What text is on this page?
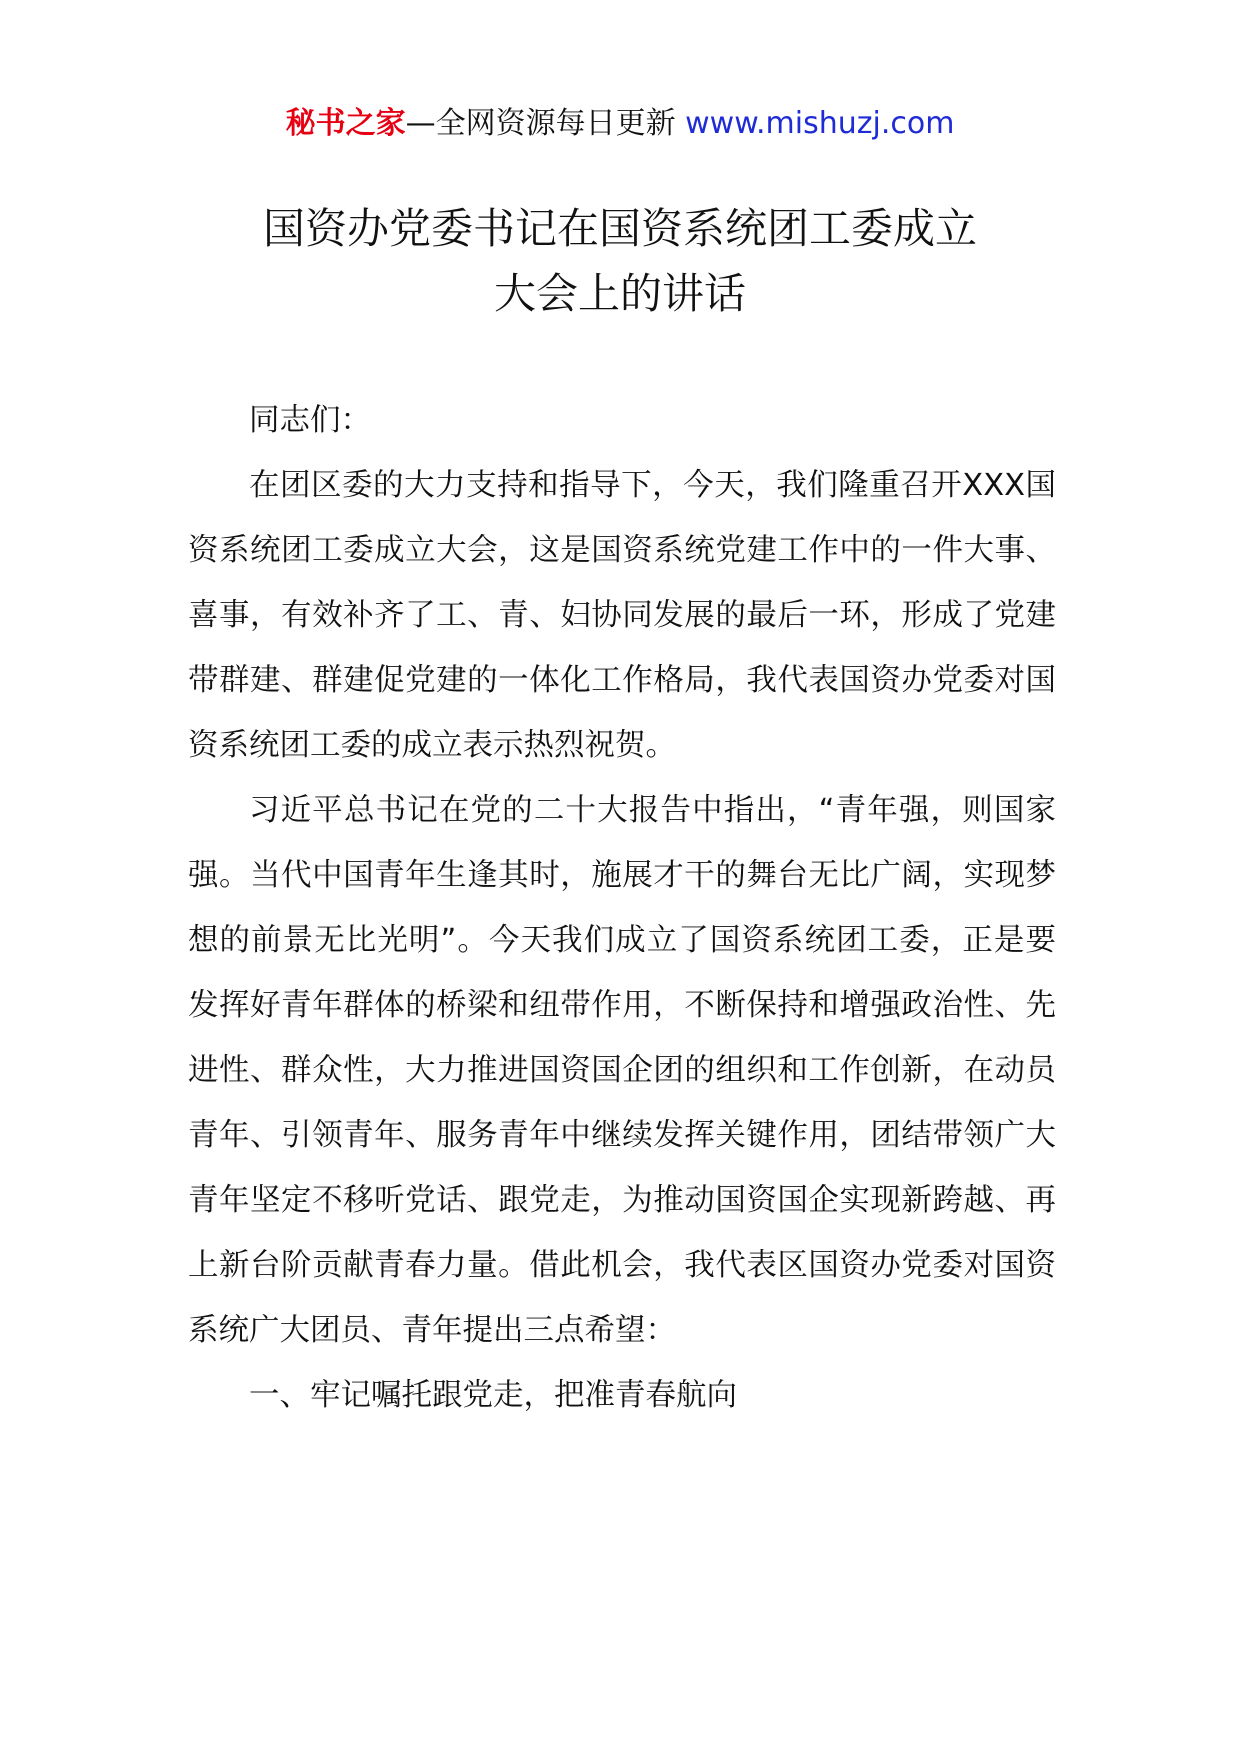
秘书之家—全网资源每日更新 www.mishuzj.com
国资办党委书记在国资系统团工委成立
大会上的讲话

同志们：

在团区委的大力支持和指导下，今天，我们隆重召开XXX国资系统团工委成立大会，这是国资系统党建工作中的一件大事、喜事，有效补齐了工、青、妇协同发展的最后一环，形成了党建带群建、群建促党建的一体化工作格局，我代表国资办党委对国资系统团工委的成立表示热烈祝贺。

习近平总书记在党的二十大报告中指出，“青年强，则国家强。当代中国青年生逢其时，施展才干的舞台无比广阔，实现梦想的前景无比光明”。今天我们成立了国资系统团工委，正是要发挥好青年群体的桥梁和纽带作用，不断保持和增强政治性、先进性、群众性，大力推进国资国企团的组织和工作创新，在动员青年、引领青年、服务青年中继续发挥关键作用，团结带领广大青年坚定不移听党话、跟党走，为推动国资国企实现新跨越、再上新台阶贡献青春力量。借此机会，我代表区国资办党委对国资系统广大团员、青年提出三点希望：

一、牢记嘱托跟党走，把准青春航向
